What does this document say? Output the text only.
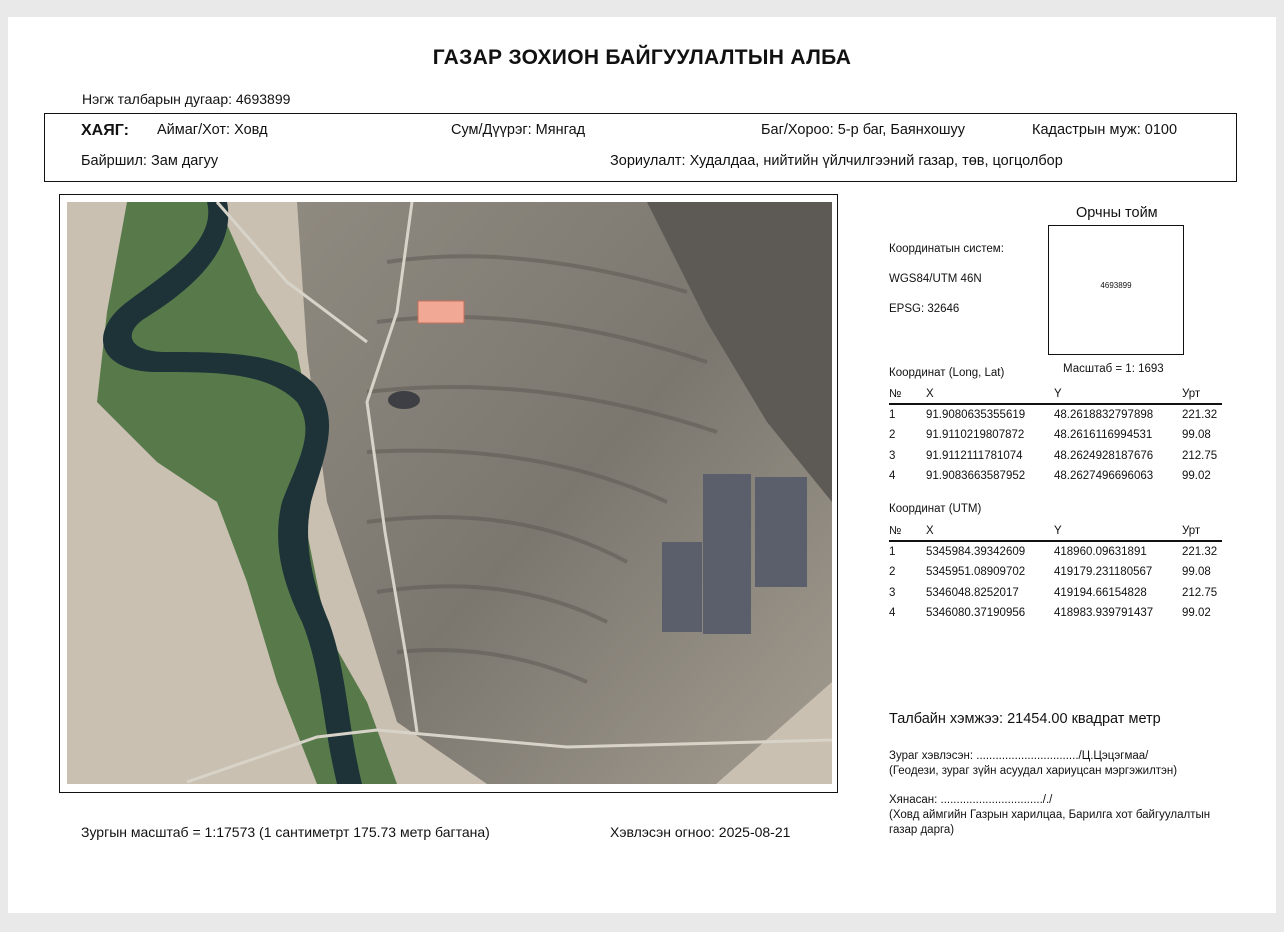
ГАЗАР ЗОХИОН БАЙГУУЛАЛТЫН АЛБА
Нэгж талбарын дугаар: 4693899
ХАЯГ: Аймаг/Хот: Ховд	Сум/Дүүрэг: Мянгад	Баг/Хороо: 5-р баг, Баянхошуу	Кадастрын муж: 0100
Байршил: Зам дагуу	Зориулалт: Худалдаа, нийтийн үйлчилгээний газар, төв, цогцолбор
Координатын систем:
WGS84/UTM 46N
EPSG: 32646
Орчны тойм
4693899
Масштаб = 1: 1693
Координат (Long, Lat)
№	X	Y	Урт
1	91.9080635355619	48.2618832797898	221.32
2	91.9110219807872	48.2616116994531	99.08
3	91.9112111781074	48.2624928187676	212.75
4	91.9083663587952	48.2627496696063	99.02
Координат (UTM)
№	X	Y	Урт
1	5345984.39342609	418960.09631891	221.32
2	5345951.08909702	419179.231180567	99.08
3	5346048.8252017	419194.66154828	212.75
4	5346080.37190956	418983.939791437	99.02
Талбайн хэмжээ: 21454.00 квадрат метр
Зураг хэвлэсэн: ................................/Ц.Цэцэгмаа/
(Геодези, зураг зүйн асуудал хариуцсан мэргэжилтэн)
Хянасан: ...............................././
(Ховд аймгийн Газрын харилцаа, Барилга хот байгуулалтын
газар дарга)
Зургын масштаб = 1:17573 (1 сантиметрт 175.73 метр багтана)	Хэвлэсэн огноо: 2025-08-21
